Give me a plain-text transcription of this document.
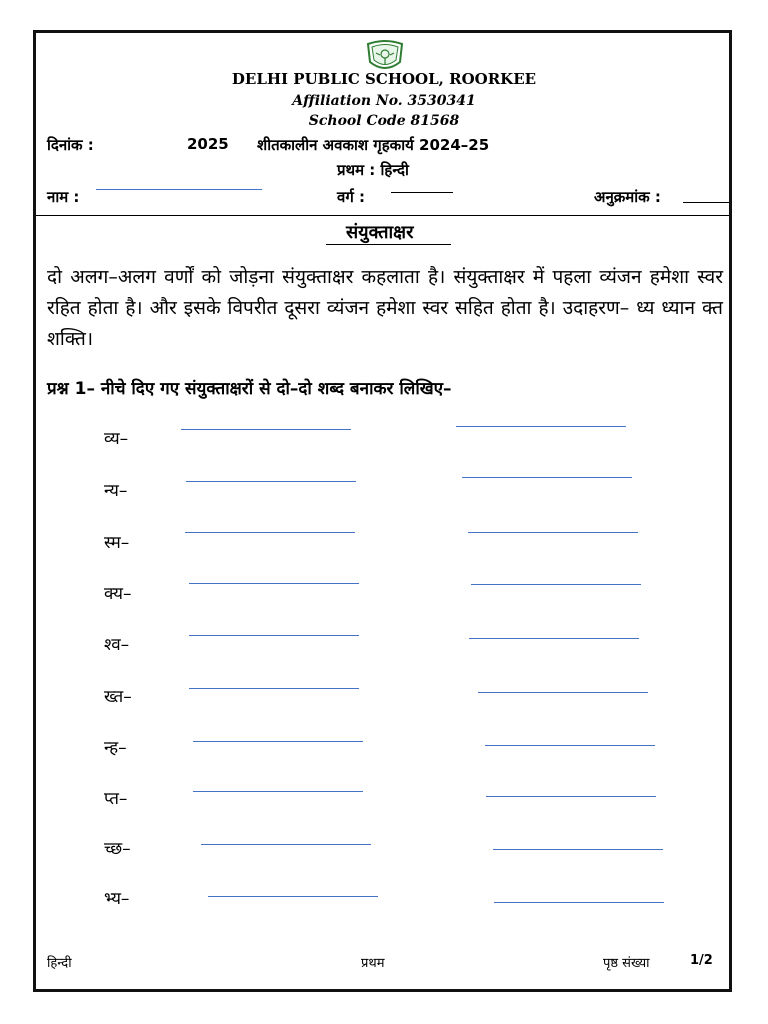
DELHI PUBLIC SCHOOL, ROORKEE
Affiliation No. 3530341
School Code 81568
दिनांक :	2025 शीतकालीन अवकाश गृहकार्य 2024–25
प्रथम : हिन्दी
नाम :	वर्ग :	अनुक्रमांक :
संयुक्ताक्षर
दो अलग–अलग वर्णों को जोड़ना संयुक्ताक्षर कहलाता है। संयुक्ताक्षर में पहला व्यंजन हमेशा स्वर रहित होता है। और इसके विपरीत दूसरा व्यंजन हमेशा स्वर सहित होता है। उदाहरण– ध्य ध्यान क्त शक्ति।
प्रश्न 1– नीचे दिए गए संयुक्ताक्षरों से दो–दो शब्द बनाकर लिखिए–
व्य–
न्य–
स्म–
क्य–
श्व–
ख्त–
न्ह–
प्त–
च्छ–
भ्य–
हिन्दी	प्रथम	पृष्ठ संख्या	1/2
